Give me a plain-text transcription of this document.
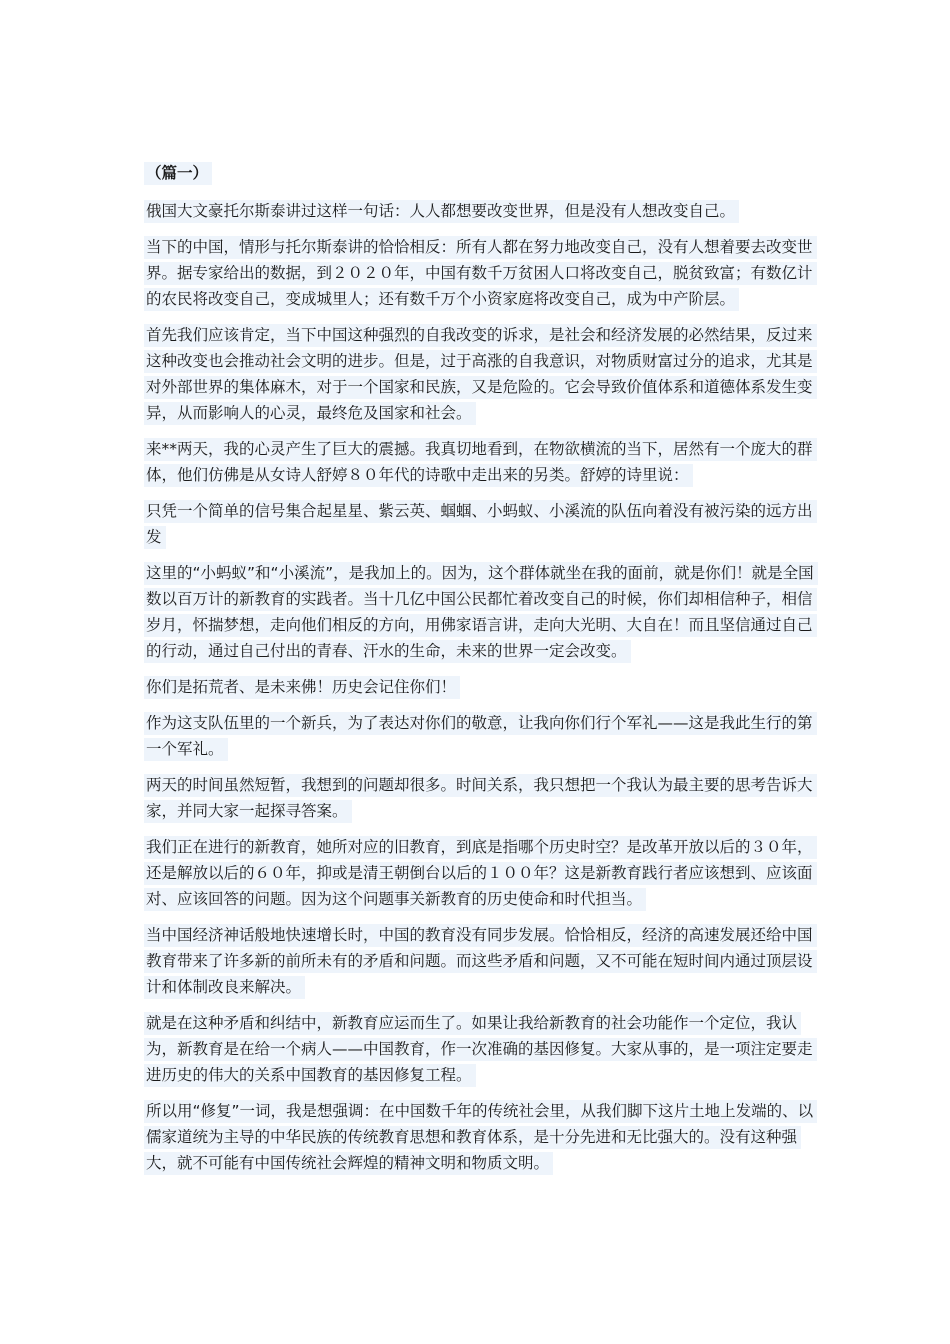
（篇一）

俄国大文豪托尔斯泰讲过这样一句话：人人都想要改变世界，但是没有人想改变自己。

当下的中国，情形与托尔斯泰讲的恰恰相反：所有人都在努力地改变自己，没有人想着要去改变世界。据专家给出的数据，到２０２０年，中国有数千万贫困人口将改变自己，脱贫致富；有数亿计的农民将改变自己，变成城里人；还有数千万个小资家庭将改变自己，成为中产阶层。

首先我们应该肯定，当下中国这种强烈的自我改变的诉求，是社会和经济发展的必然结果，反过来这种改变也会推动社会文明的进步。但是，过于高涨的自我意识，对物质财富过分的追求，尤其是对外部世界的集体麻木，对于一个国家和民族，又是危险的。它会导致价值体系和道德体系发生变异，从而影响人的心灵，最终危及国家和社会。

来**两天，我的心灵产生了巨大的震撼。我真切地看到，在物欲横流的当下，居然有一个庞大的群体，他们仿佛是从女诗人舒婷８０年代的诗歌中走出来的另类。舒婷的诗里说：

只凭一个简单的信号集合起星星、紫云英、蝈蝈、小蚂蚁、小溪流的队伍向着没有被污染的远方出发

这里的“小蚂蚁”和“小溪流”，是我加上的。因为，这个群体就坐在我的面前，就是你们！就是全国数以百万计的新教育的实践者。当十几亿中国公民都忙着改变自己的时候，你们却相信种子，相信岁月，怀揣梦想，走向他们相反的方向，用佛家语言讲，走向大光明、大自在！而且坚信通过自己的行动，通过自己付出的青春、汗水的生命，未来的世界一定会改变。

你们是拓荒者、是未来佛！历史会记住你们！

作为这支队伍里的一个新兵，为了表达对你们的敬意，让我向你们行个军礼——这是我此生行的第一个军礼。

两天的时间虽然短暂，我想到的问题却很多。时间关系，我只想把一个我认为最主要的思考告诉大家，并同大家一起探寻答案。

我们正在进行的新教育，她所对应的旧教育，到底是指哪个历史时空？是改革开放以后的３０年，还是解放以后的６０年，抑或是清王朝倒台以后的１００年？这是新教育践行者应该想到、应该面对、应该回答的问题。因为这个问题事关新教育的历史使命和时代担当。

当中国经济神话般地快速增长时，中国的教育没有同步发展。恰恰相反，经济的高速发展还给中国教育带来了许多新的前所未有的矛盾和问题。而这些矛盾和问题，又不可能在短时间内通过顶层设计和体制改良来解决。

就是在这种矛盾和纠结中，新教育应运而生了。如果让我给新教育的社会功能作一个定位，我认为，新教育是在给一个病人——中国教育，作一次准确的基因修复。大家从事的，是一项注定要走进历史的伟大的关系中国教育的基因修复工程。

所以用“修复”一词，我是想强调：在中国数千年的传统社会里，从我们脚下这片土地上发端的、以儒家道统为主导的中华民族的传统教育思想和教育体系，是十分先进和无比强大的。没有这种强大，就不可能有中国传统社会辉煌的精神文明和物质文明。
